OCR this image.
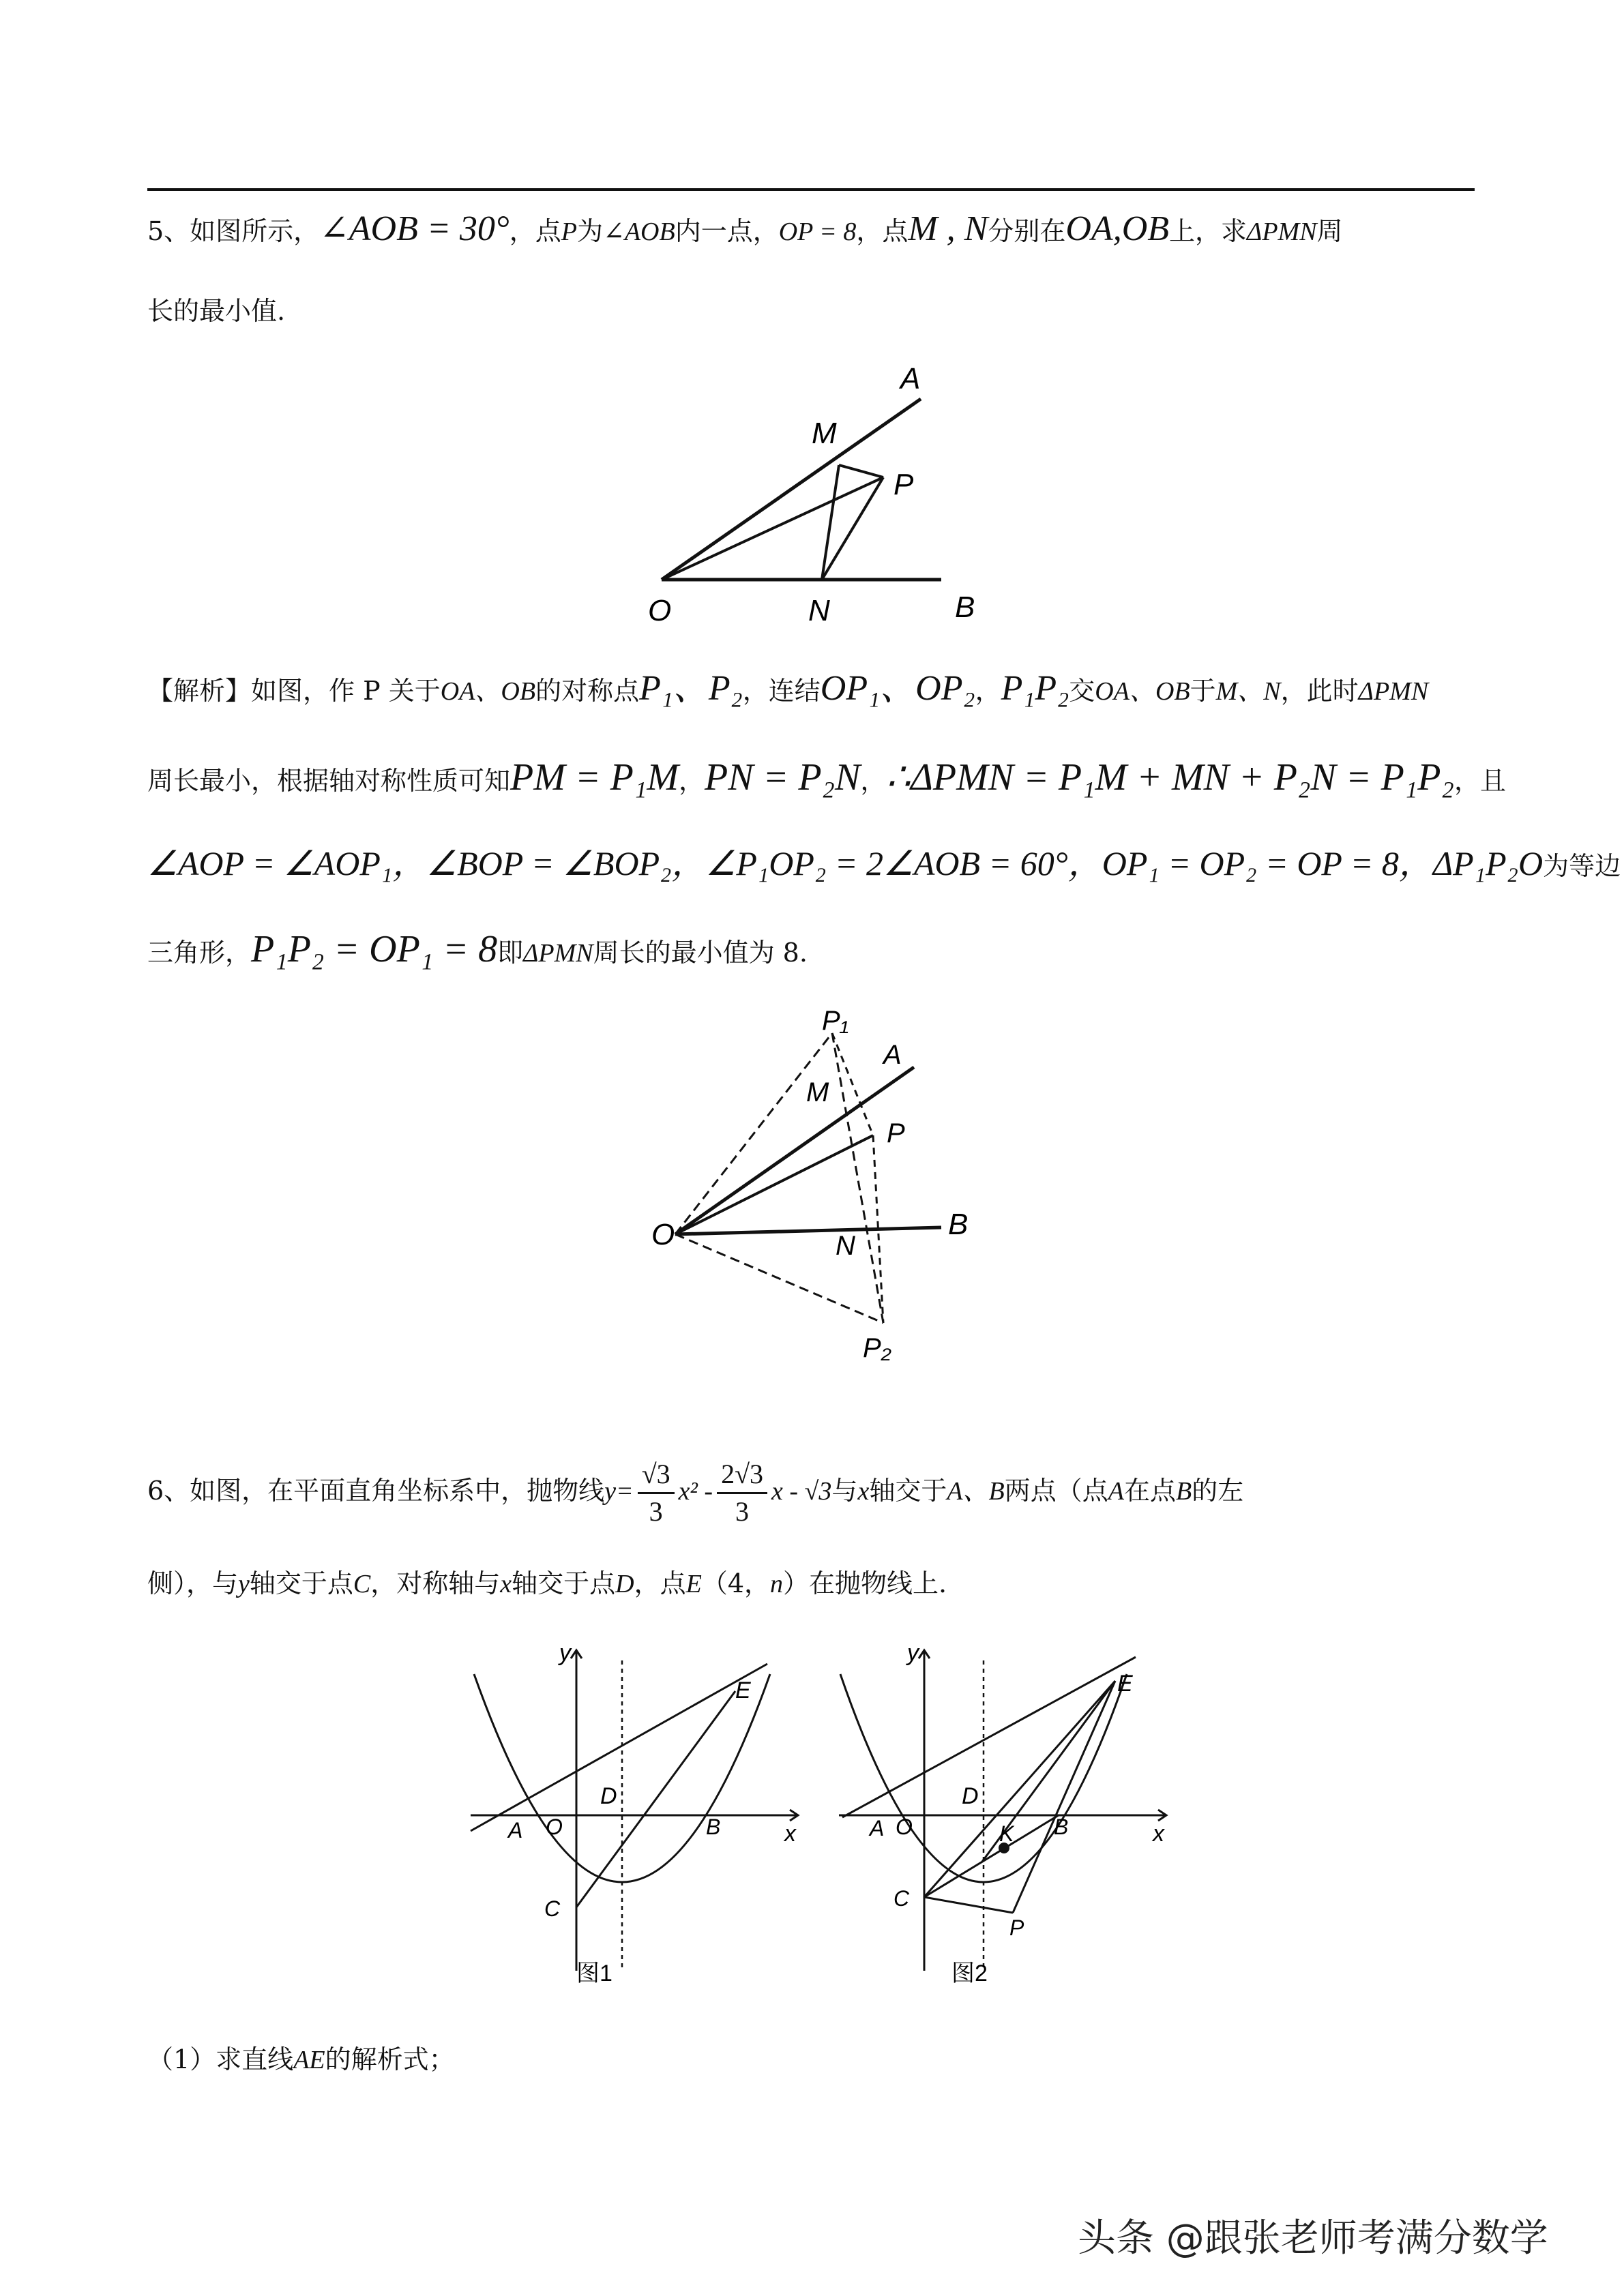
5、如图所示，∠AOB = 30°，点P为∠AOB内一点，OP = 8，点M , N分别在OA,OB上，求ΔPMN周
长的最小值.
A
M
P
O	N	B
【解析】如图，作 P 关于OA、OB的对称点P₁、P₂，连结OP₁、OP₂，P₁P₂交OA、OB于M、N，此时ΔPMN
周长最小，根据轴对称性质可知PM = P₁M，PN = P₂N，∴ΔPMN = P₁M + MN + P₂N = P₁P₂，且
∠AOP = ∠AOP₁，∠BOP = ∠BOP₂，∠P₁OP₂ = 2∠AOB = 60°，OP₁ = OP₂ = OP = 8，ΔP₁P₂O为等边
三角形，P₁P₂ = OP₁ = 8即ΔPMN周长的最小值为 8.
P₁
A
M
P
O	N
B
P₂
6、如图，在平面直角坐标系中，抛物线$y= \frac{√3}{3} x^2 - \frac{2√3}{3}$ x - √3与x轴交于A、B两点（点A在点B的左
侧），与y轴交于点C，对称轴与x轴交于点D，点E（4，n）在抛物线上.
y
x
E
D
A O	B
C
图1
y
x
E
D
A O	B
C
K
P
图2
（1）求直线AE的解析式；
头条 @跟张老师考满分数学
